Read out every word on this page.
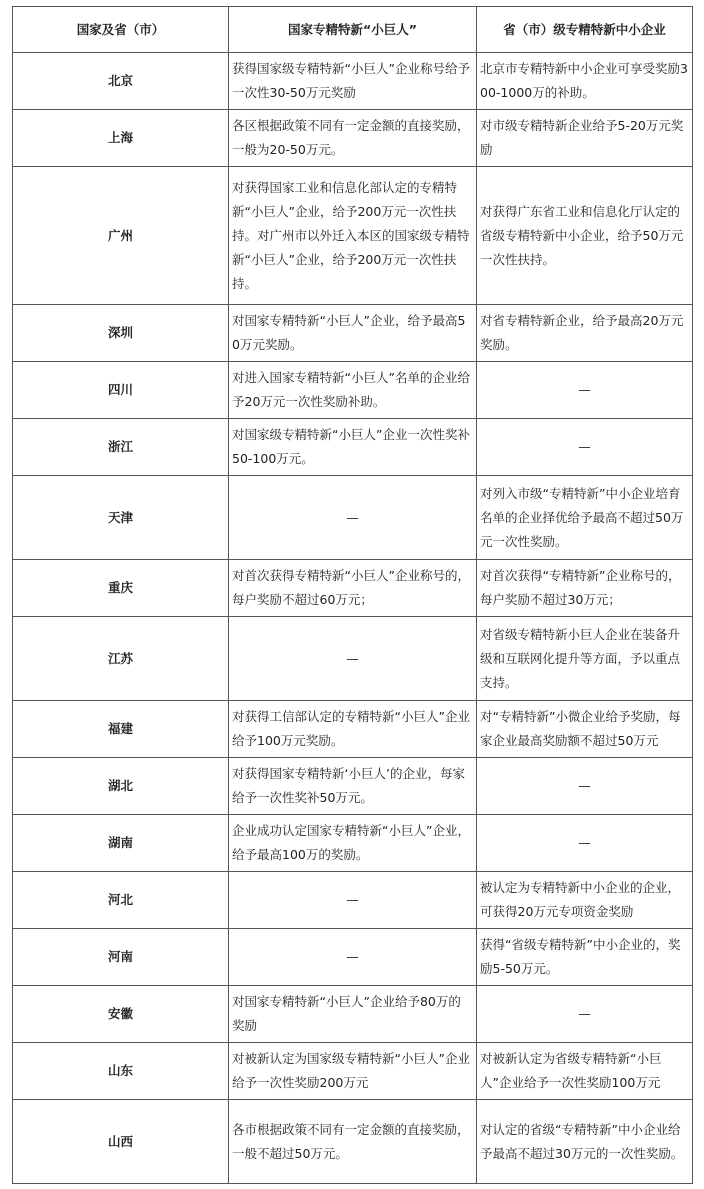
国家及省（市）	国家专精特新“小巨人”	省（市）级专精特新中小企业
北京	获得国家级专精特新“小巨人”企业称号给予一次性30-50万元奖励	北京市专精特新中小企业可享受奖励300-1000万的补助。
上海	各区根据政策不同有一定金额的直接奖励，一般为20-50万元。	对市级专精特新企业给予5-20万元奖励
广州	对获得国家工业和信息化部认定的专精特新“小巨人”企业，给予200万元一次性扶持。对广州市以外迁入本区的国家级专精特新“小巨人”企业，给予200万元一次性扶持。	对获得广东省工业和信息化厅认定的省级专精特新中小企业，给予50万元一次性扶持。
深圳	对国家专精特新“小巨人”企业，给予最高50万元奖励。	对省专精特新企业，给予最高20万元奖励。
四川	对进入国家专精特新“小巨人”名单的企业给予20万元一次性奖励补助。	—
浙江	对国家级专精特新“小巨人”企业一次性奖补50-100万元。	—
天津	—	对列入市级“专精特新”中小企业培育名单的企业择优给予最高不超过50万元一次性奖励。
重庆	对首次获得专精特新“小巨人”企业称号的，每户奖励不超过60万元；	对首次获得“专精特新”企业称号的，每户奖励不超过30万元；
江苏	—	对省级专精特新小巨人企业在装备升级和互联网化提升等方面，予以重点支持。
福建	对获得工信部认定的专精特新“小巨人”企业给予100万元奖励。	对“专精特新”小微企业给予奖励，每家企业最高奖励额不超过50万元
湖北	对获得国家专精特新‘小巨人’的企业，每家给予一次性奖补50万元。	—
湖南	企业成功认定国家专精特新“小巨人”企业，给予最高100万的奖励。	—
河北	—	被认定为专精特新中小企业的企业，可获得20万元专项资金奖励
河南	—	获得“省级专精特新”中小企业的，奖励5-50万元。
安徽	对国家专精特新“小巨人”企业给予80万的奖励	—
山东	对被新认定为国家级专精特新“小巨人”企业给予一次性奖励200万元	对被新认定为省级专精特新“小巨人”企业给予一次性奖励100万元
山西	各市根据政策不同有一定金额的直接奖励，一般不超过50万元。	对认定的省级“专精特新”中小企业给予最高不超过30万元的一次性奖励。
